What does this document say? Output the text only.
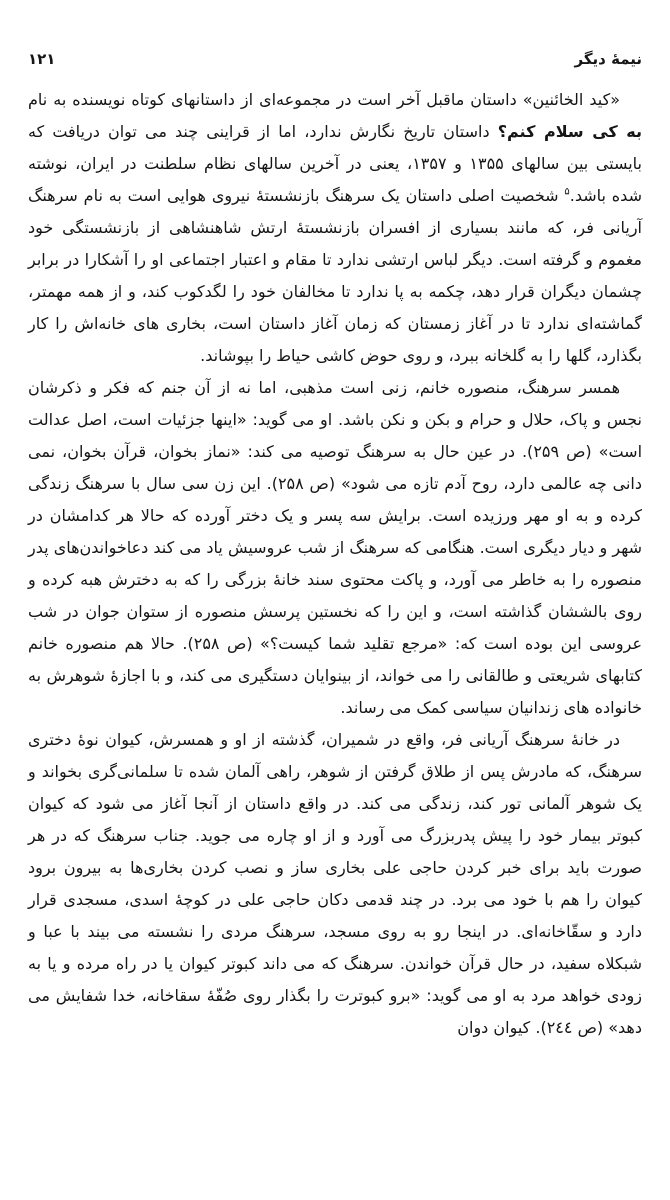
نیمهٔ دیگر
۱۲۱

«کید الخائنین» داستان ماقبل آخر است در مجموعه‌ای از داستانهای کوتاه نویسنده به نام به کی سلام کنم؟ داستان تاریخ نگارش ندارد، اما از قراینی چند می توان دریافت که بایستی بین سالهای ۱۳۵۵ و ۱۳۵۷، یعنی در آخرین سالهای نظام سلطنت در ایران، نوشته شده باشد.$^۵$ شخصیت اصلی داستان یک سرهنگ بازنشستهٔ نیروی هوایی است به نام سرهنگ آریانی فر، که مانند بسیاری از افسران بازنشستهٔ ارتش شاهنشاهی از بازنشستگی خود مغموم و گرفته است. دیگر لباس ارتشی ندارد تا مقام و اعتبار اجتماعی او را آشکارا در برابر چشمان دیگران قرار دهد، چکمه به پا ندارد تا مخالفان خود را لگدکوب کند، و از همه مهمتر، گماشته‌ای ندارد تا در آغاز زمستان که زمان آغاز داستان است، بخاری های خانه‌اش را کار بگذارد، گلها را به گلخانه ببرد، و روی حوض کاشی حیاط را بپوشاند.

همسر سرهنگ، منصوره خانم، زنی است مذهبی، اما نه از آن جنم که فکر و ذکرشان نجس و پاک، حلال و حرام و بکن و نکن باشد. او می گوید: «اینها جزئیات است، اصل عدالت است» (ص ۲۵۹). در عین حال به سرهنگ توصیه می کند: «نماز بخوان، قرآن بخوان، نمی دانی چه عالمی دارد، روح آدم تازه می شود» (ص ۲۵۸). این زن سی سال با سرهنگ زندگی کرده و به او مهر ورزیده است. برایش سه پسر و یک دختر آورده که حالا هر کدامشان در شهر و دیار دیگری است. هنگامی که سرهنگ از شب عروسیش یاد می کند دعاخواندن‌های پدر منصوره را به خاطر می آورد، و پاکت محتوی سند خانهٔ بزرگی را که به دخترش هبه کرده و روی بالششان گذاشته است، و این را که نخستین پرسش منصوره از ستوان جوان در شب عروسی این بوده است که: «مرجع تقلید شما کیست؟» (ص ۲۵۸). حالا هم منصوره خانم کتابهای شریعتی و طالقانی را می خواند، از بینوایان دستگیری می کند، و با اجازهٔ شوهرش به خانواده های زندانیان سیاسی کمک می رساند.

در خانهٔ سرهنگ آریانی فر، واقع در شمیران، گذشته از او و همسرش، کیوان نوهٔ دختری سرهنگ، که مادرش پس از طلاق گرفتن از شوهر، راهی آلمان شده تا سلمانی‌گری بخواند و یک شوهر آلمانی تور کند، زندگی می کند. در واقع داستان از آنجا آغاز می شود که کیوان کبوتر بیمار خود را پیش پدربزرگ می آورد و از او چاره می جوید. جناب سرهنگ که در هر صورت باید برای خبر کردن حاجی علی بخاری ساز و نصب کردن بخاری‌ها به بیرون برود کیوان را هم با خود می برد. در چند قدمی دکان حاجی علی در کوچهٔ اسدی، مسجدی قرار دارد و سقّاخانه‌ای. در اینجا رو به روی مسجد، سرهنگ مردی را نشسته می بیند با عبا و شبکلاه سفید، در حال قرآن خواندن. سرهنگ که می داند کبوتر کیوان یا در راه مرده و یا به زودی خواهد مرد به او می گوید: «برو کبوترت را بگذار روی صُفّهٔ سقاخانه، خدا شفایش می دهد» (ص ۲٤٤). کیوان دوان
